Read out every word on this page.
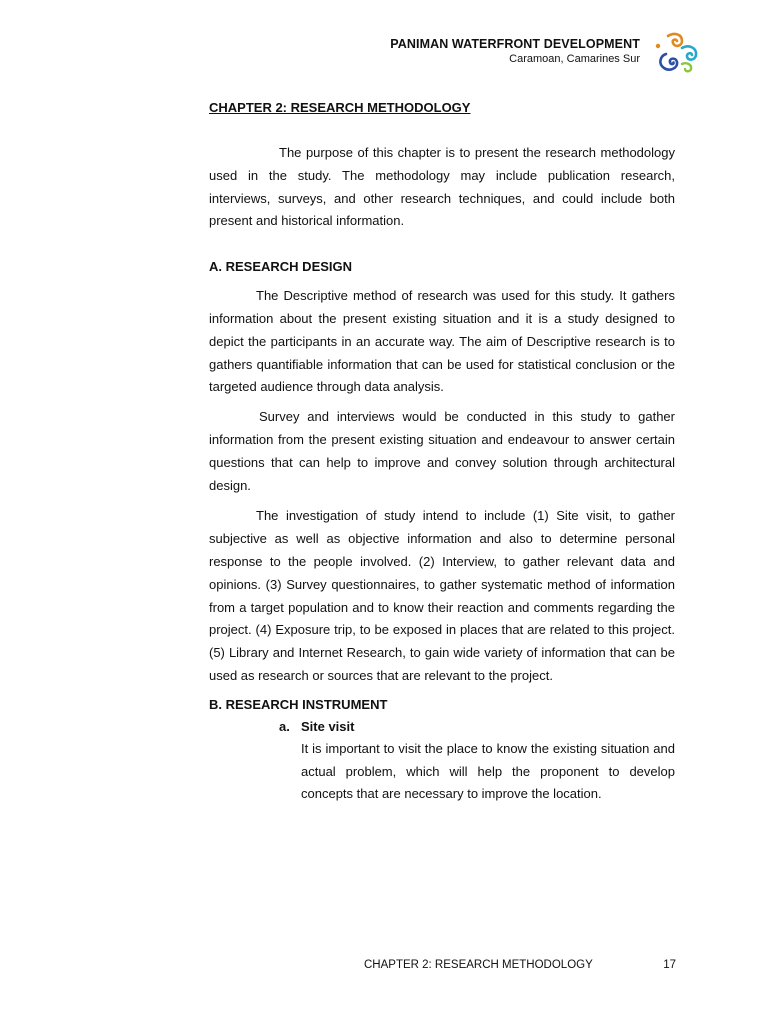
PANIMAN WATERFRONT DEVELOPMENT
Caramoan, Camarines Sur
CHAPTER 2: RESEARCH METHODOLOGY

The purpose of this chapter is to present the research methodology used in the study. The methodology may include publication research, interviews, surveys, and other research techniques, and could include both present and historical information.

A. RESEARCH DESIGN

The Descriptive method of research was used for this study. It gathers information about the present existing situation and it is a study designed to depict the participants in an accurate way. The aim of Descriptive research is to gathers quantifiable information that can be used for statistical conclusion or the targeted audience through data analysis.

Survey and interviews would be conducted in this study to gather information from the present existing situation and endeavour to answer certain questions that can help to improve and convey solution through architectural design.

The investigation of study intend to include (1) Site visit, to gather subjective as well as objective information and also to determine personal response to the people involved. (2) Interview, to gather relevant data and opinions. (3) Survey questionnaires, to gather systematic method of information from a target population and to know their reaction and comments regarding the project. (4) Exposure trip, to be exposed in places that are related to this project. (5) Library and Internet Research, to gain wide variety of information that can be used as research or sources that are relevant to the project.

B. RESEARCH INSTRUMENT
a. Site visit

It is important to visit the place to know the existing situation and actual problem, which will help the proponent to develop concepts that are necessary to improve the location.

CHAPTER 2: RESEARCH METHODOLOGY	17
